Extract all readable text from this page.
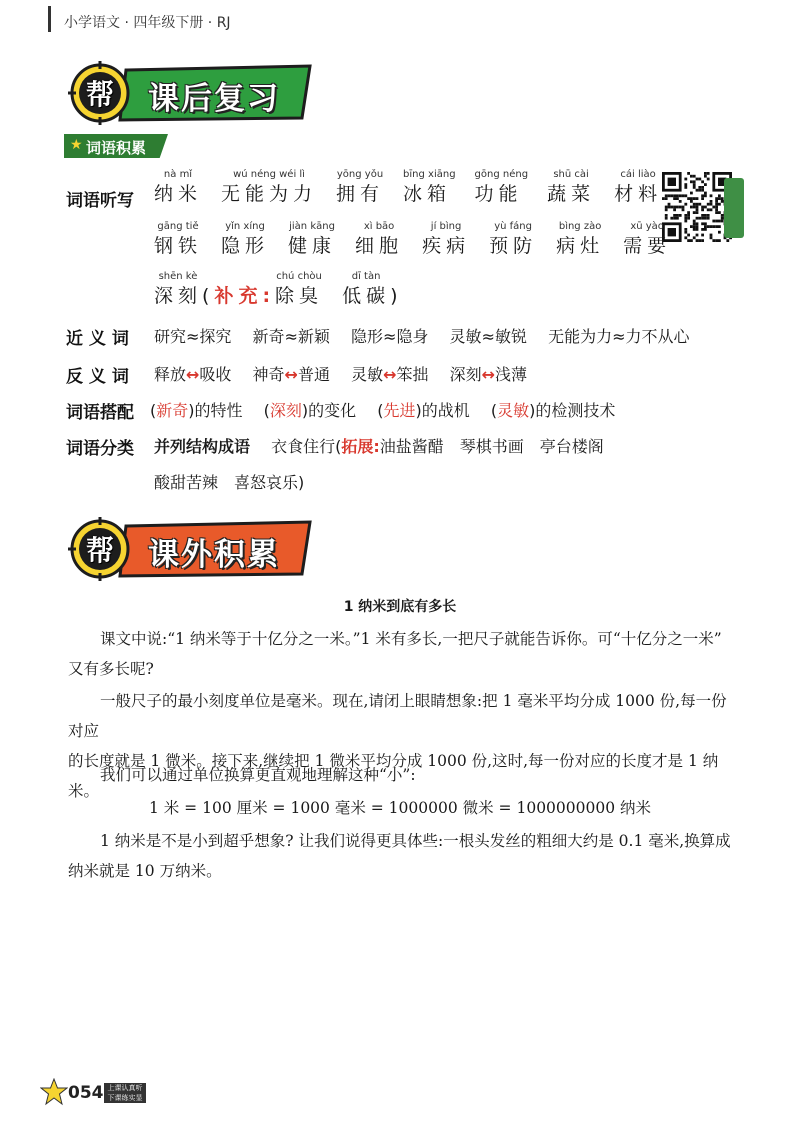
小学语文 · 四年级下册 · RJ
帮 课后复习
★ 词语积累
词语听写
nà mǐ
纳米
wú néng wéi lì
无能为力
yōng yǒu
拥有
bīng xiāng
冰箱
gōng néng
功能
shū cài
蔬菜
cái liào
材料
gāng tiě
钢铁
yǐn xíng
隐形
jiàn kāng
健康
xì bāo
细胞
jí bìng
疾病
yù fáng
预防
bìng zào
病灶
xū yào
需要
shēn kè
深刻 ( 补充:
chú chòu
除臭
dī tàn
低碳 )
近 义 词 研究≈探究　 新奇≈新颖　 隐形≈隐身　 灵敏≈敏锐　 无能为力≈力不从心
反 义 词 释放↔吸收　 神奇↔普通　 灵敏↔笨拙　 深刻↔浅薄
词语搭配 (新奇)的特性　 (深刻)的变化　 (先进)的战机　 (灵敏)的检测技术
词语分类 并列结构成语　 衣食住行(拓展:油盐酱醋　琴棋书画　亭台楼阁
酸甜苦辣　喜怒哀乐)
帮 课外积累
1 纳米到底有多长
课文中说:“1 纳米等于十亿分之一米。”1 米有多长,一把尺子就能告诉你。可“十亿分之一米”
又有多长呢?
一般尺子的最小刻度单位是毫米。现在,请闭上眼睛想象:把 1 毫米平均分成 1000 份,每一份对应
的长度就是 1 微米。接下来,继续把 1 微米平均分成 1000 份,这时,每一份对应的长度才是 1 纳米。
我们可以通过单位换算更直观地理解这种“小”:
1 米 = 100 厘米 = 1000 毫米 = 1000000 微米 = 1000000000 纳米
1 纳米是不是小到超乎想象? 让我们说得更具体些:一根头发丝的粗细大约是 0.1 毫米,换算成
纳米就是 10 万纳米。
054 上课认真听
下课练实显
